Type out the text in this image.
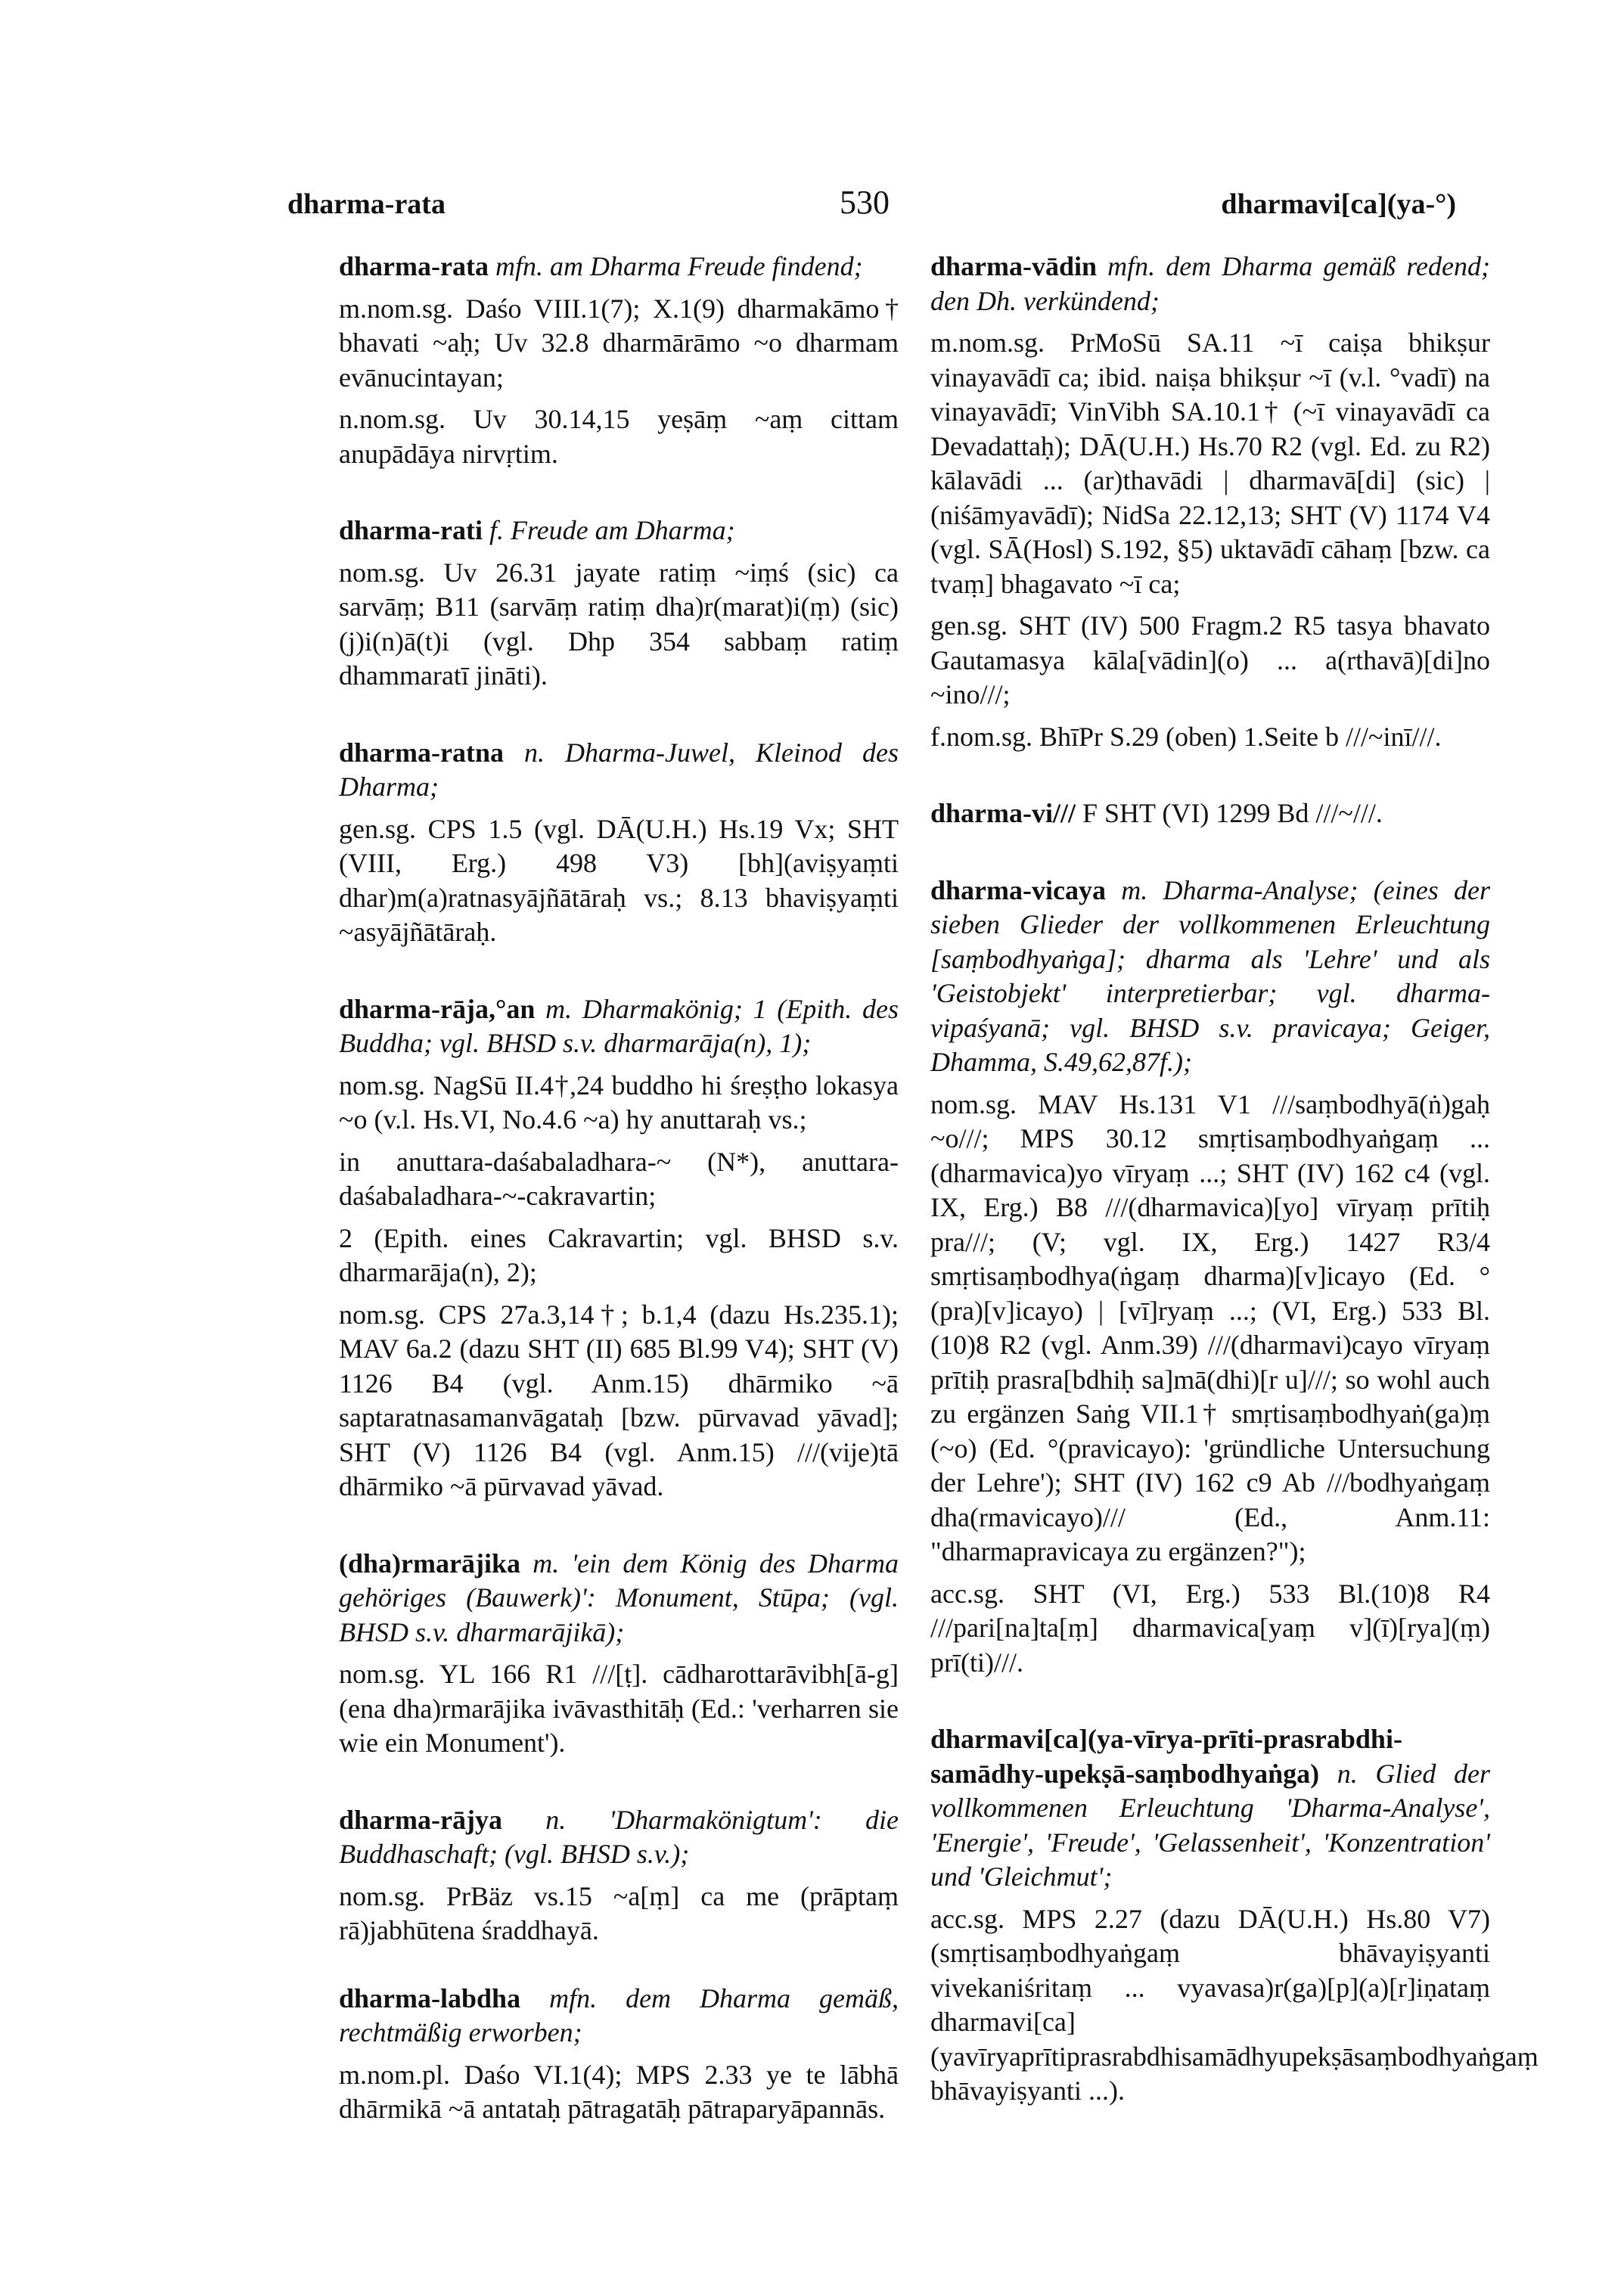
dharma-rata	530	dharmavi[ca](ya-°)

dharma-rata mfn. am Dharma Freude findend;

m.nom.sg. Daśo VIII.1(7); X.1(9) dharmakāmo† bhavati ~aḥ; Uv 32.8 dharmārāmo ~o dharmam evānucintayan;

n.nom.sg. Uv 30.14,15 yeṣāṃ ~aṃ cittam anupādāya nirvṛtim.

dharma-rati f. Freude am Dharma;

nom.sg. Uv 26.31 jayate ratiṃ ~iṃś (sic) ca sarvāṃ; B11 (sarvāṃ ratiṃ dha)r(marat)i(ṃ) (sic) (j)i(n)ā(t)i (vgl. Dhp 354 sabbaṃ ratiṃ dhammaratī jināti).

dharma-ratna n. Dharma-Juwel, Kleinod des Dharma;

gen.sg. CPS 1.5 (vgl. DĀ(U.H.) Hs.19 Vx; SHT (VIII, Erg.) 498 V3) [bh](aviṣyaṃti dhar)m(a)ratnasyājñātāraḥ vs.; 8.13 bhaviṣyaṃti ~asyājñātāraḥ.

dharma-rāja,°an m. Dharmakönig; 1 (Epith. des Buddha; vgl. BHSD s.v. dharmarāja(n), 1);

nom.sg. NagSū II.4†,24 buddho hi śreṣṭho lokasya ~o (v.l. Hs.VI, No.4.6 ~a) hy anuttaraḥ vs.;

in anuttara-daśabaladhara-~ (N*), anuttara-daśabaladhara-~-cakravartin;

2 (Epith. eines Cakravartin; vgl. BHSD s.v. dharmarāja(n), 2);

nom.sg. CPS 27a.3,14†; b.1,4 (dazu Hs.235.1); MAV 6a.2 (dazu SHT (II) 685 Bl.99 V4); SHT (V) 1126 B4 (vgl. Anm.15) dhārmiko ~ā saptaratnasamanvāgataḥ [bzw. pūrvavad yāvad]; SHT (V) 1126 B4 (vgl. Anm.15) ///(vije)tā dhārmiko ~ā pūrvavad yāvad.

(dha)rmarājika m. 'ein dem König des Dharma gehöriges (Bauwerk)': Monument, Stūpa; (vgl. BHSD s.v. dharmarājikā);

nom.sg. YL 166 R1 ///[ṭ]. cādharottarāvibh[ā-g](ena dha)rmarājika ivāvasthitāḥ (Ed.: 'verharren sie wie ein Monument').

dharma-rājya n. 'Dharmakönigtum': die Buddhaschaft; (vgl. BHSD s.v.);

nom.sg. PrBäz vs.15 ~a[ṃ] ca me (prāptaṃ rā)jabhūtena śraddhayā.

dharma-labdha mfn. dem Dharma gemäß, rechtmäßig erworben;

m.nom.pl. Daśo VI.1(4); MPS 2.33 ye te lābhā dhārmikā ~ā antataḥ pātragatāḥ pātraparyāpannās.

dharma-vādin mfn. dem Dharma gemäß redend; den Dh. verkündend;

m.nom.sg. PrMoSū SA.11 ~ī caiṣa bhikṣur vinayavādī ca; ibid. naiṣa bhikṣur ~ī (v.l. °vadī) na vinayavādī; VinVibh SA.10.1† (~ī vinayavādī ca Devadattaḥ); DĀ(U.H.) Hs.70 R2 (vgl. Ed. zu R2) kālavādi ... (ar)thavādi | dharmavā[di] (sic) | (niśāmyavādī); NidSa 22.12,13; SHT (V) 1174 V4 (vgl. SĀ(Hosl) S.192, §5) uktavādī cāhaṃ [bzw. ca tvaṃ] bhagavato ~ī ca;

gen.sg. SHT (IV) 500 Fragm.2 R5 tasya bhavato Gautamasya kāla[vādin](o) ... a(rthavā)[di]no ~ino///;

f.nom.sg. BhīPr S.29 (oben) 1.Seite b ///~inī///.

dharma-vi/// F SHT (VI) 1299 Bd ///~///.

dharma-vicaya m. Dharma-Analyse; (eines der sieben Glieder der vollkommenen Erleuchtung [saṃbodhyaṅga]; dharma als 'Lehre' und als 'Geistobjekt' interpretierbar; vgl. dharma-vipaśyanā; vgl. BHSD s.v. pravicaya; Geiger, Dhamma, S.49,62,87f.);

nom.sg. MAV Hs.131 V1 ///saṃbodhyā(ṅ)gaḥ ~o///; MPS 30.12 smṛtisaṃbodhyaṅgaṃ ... (dharmavica)yo vīryaṃ ...; SHT (IV) 162 c4 (vgl. IX, Erg.) B8 ///(dharmavica)[yo] vīryaṃ prītiḥ pra///; (V; vgl. IX, Erg.) 1427 R3/4 smṛtisaṃbodhya(ṅgaṃ dharma)[v]icayo (Ed. °(pra)[v]icayo) | [vī]ryaṃ ...; (VI, Erg.) 533 Bl.(10)8 R2 (vgl. Anm.39) ///(dharmavi)cayo vīryaṃ prītiḥ prasra[bdhiḥ sa]mā(dhi)[r u]///; so wohl auch zu ergänzen Saṅg VII.1† smṛtisaṃbodhyaṅ(ga)ṃ (~o) (Ed. °(pravicayo): 'gründliche Untersuchung der Lehre'); SHT (IV) 162 c9 Ab ///bodhyaṅgaṃ dha(rmavicayo)/// (Ed., Anm.11: "dharmapravicaya zu ergänzen?");

acc.sg. SHT (VI, Erg.) 533 Bl.(10)8 R4 ///pari[na]ta[ṃ] dharmavica[yaṃ v](ī)[rya](ṃ) prī(ti)///.

dharmavi[ca](ya-vīrya-prīti-prasrabdhi-samādhy-upekṣā-saṃbodhyaṅga) n. Glied der vollkommenen Erleuchtung 'Dharma-Analyse', 'Energie', 'Freude', 'Gelassenheit', 'Konzentration' und 'Gleichmut';

acc.sg. MPS 2.27 (dazu DĀ(U.H.) Hs.80 V7) (smṛtisaṃbodhyaṅgaṃ bhāvayiṣyanti vivekaniśritaṃ ... vyavasa)r(ga)[p](a)[r]iṇataṃ dharmavi[ca](yavīryaprītiprasrabdhisamādhyupekṣāsaṃbodhyaṅgaṃ bhāvayiṣyanti ...).
